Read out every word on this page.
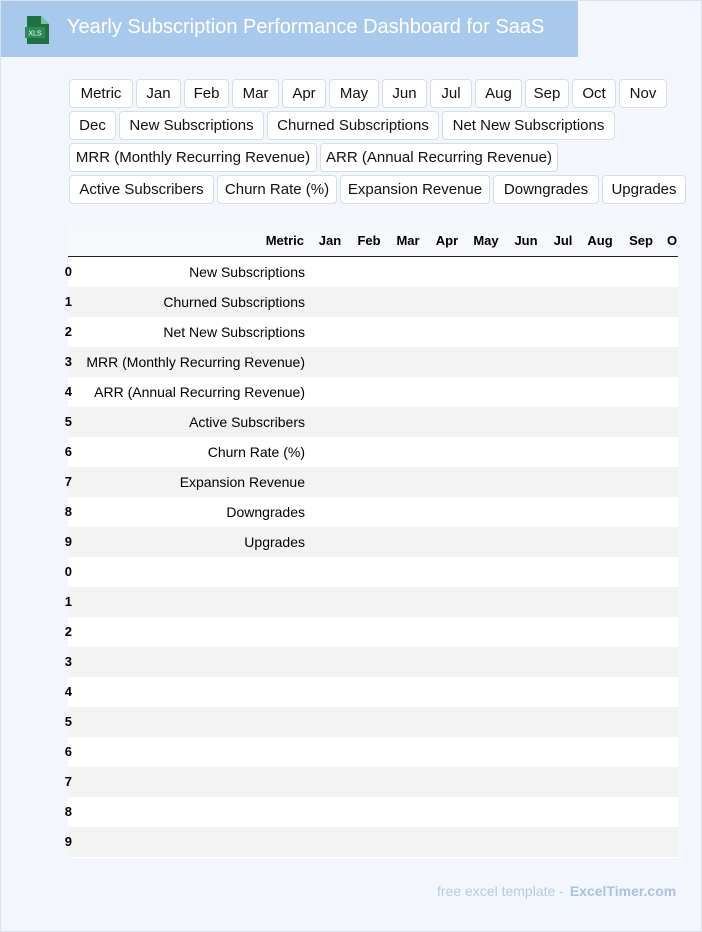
XLS Yearly Subscription Performance Dashboard for SaaS
Metric	Jan	Feb	Mar	Apr	May	Jun	Jul	Aug	Sep	Oct	Nov
Dec	New Subscriptions	Churned Subscriptions	Net New Subscriptions
MRR (Monthly Recurring Revenue)	ARR (Annual Recurring Revenue)
Active Subscribers	Churn Rate (%)	Expansion Revenue	Downgrades	Upgrades
Metric	Jan	Feb	Mar	Apr	May	Jun	Jul	Aug	Sep	O
0	New Subscriptions
1	Churned Subscriptions
2	Net New Subscriptions
3	MRR (Monthly Recurring Revenue)
4	ARR (Annual Recurring Revenue)
5	Active Subscribers
6	Churn Rate (%)
7	Expansion Revenue
8	Downgrades
9	Upgrades
0
1
2
3
4
5
6
7
8
9
free excel template - ExcelTimer.com
